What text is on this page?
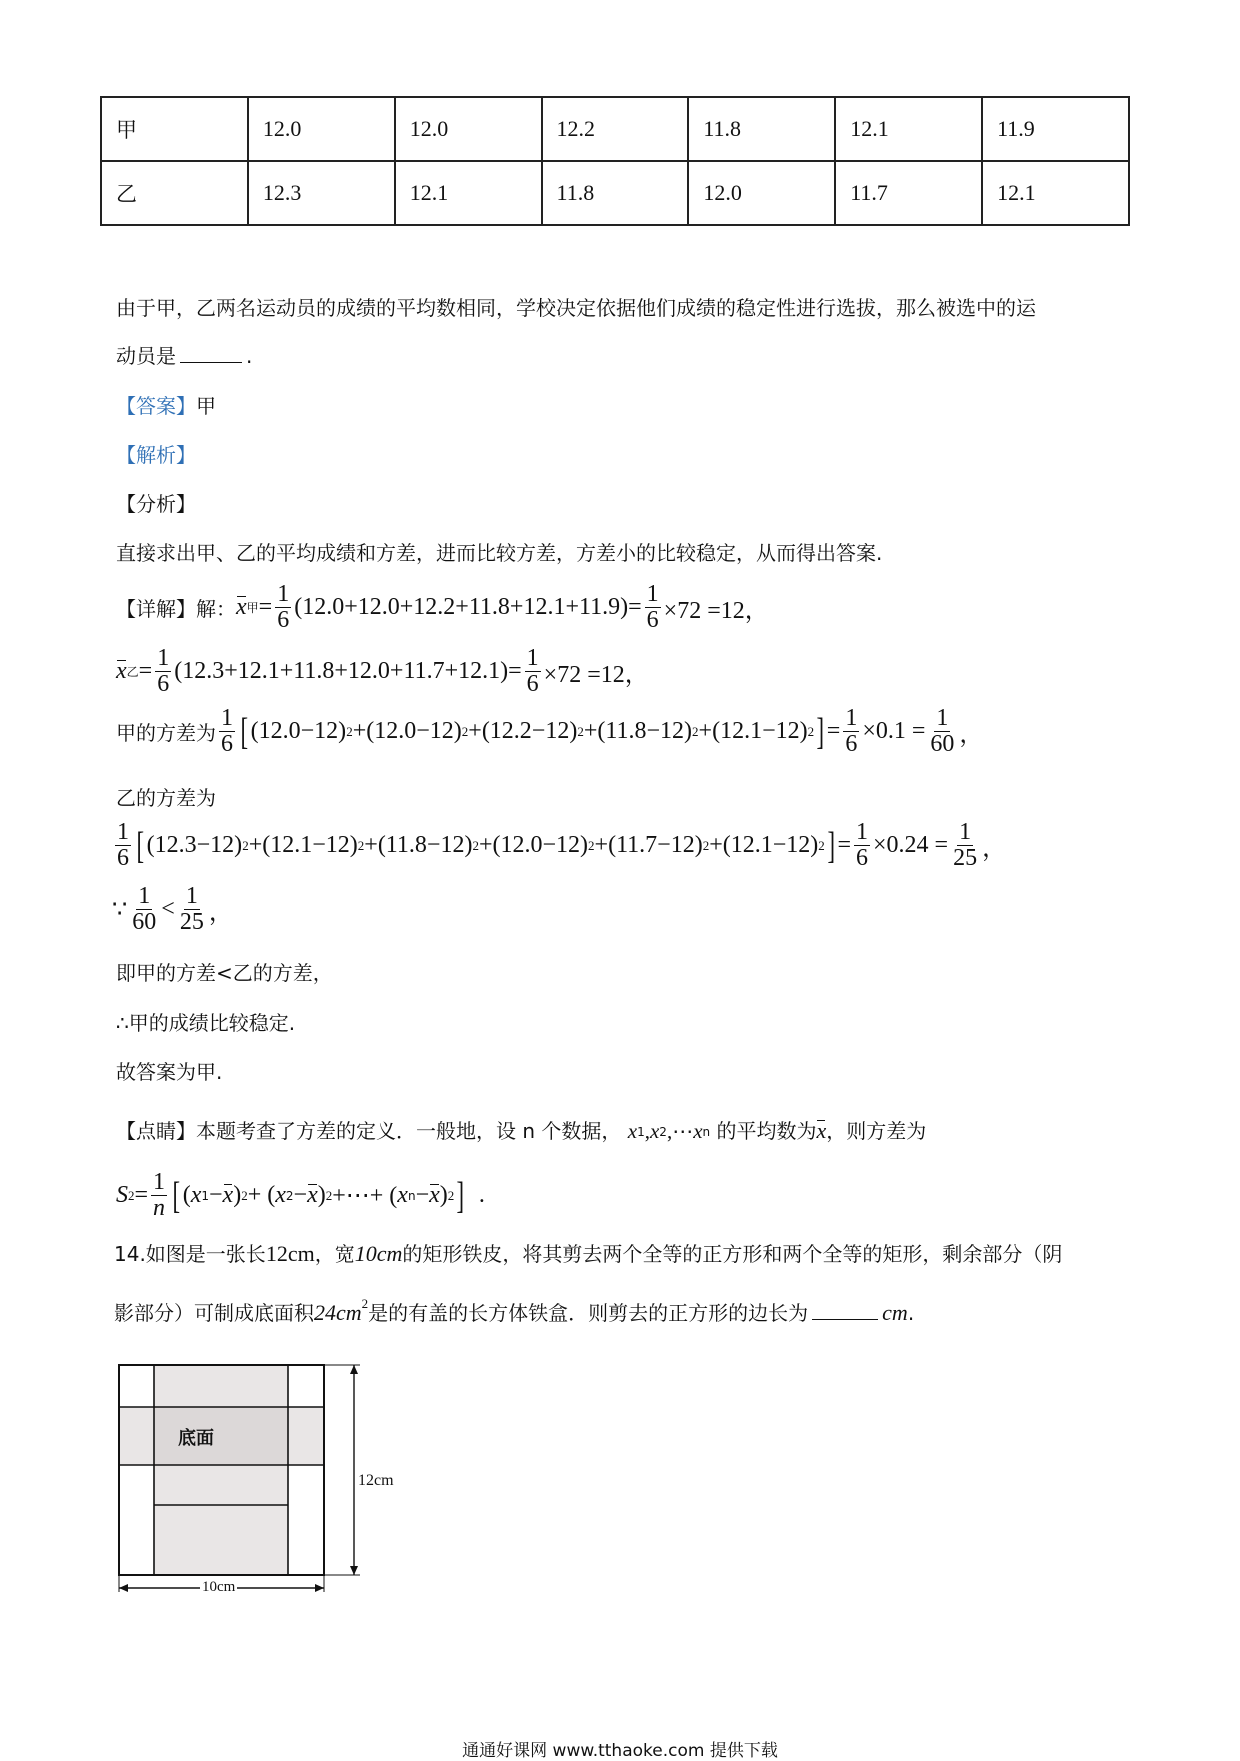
甲	12.0	12.0	12.2	11.8	12.1	11.9
乙	12.3	12.1	11.8	12.0	11.7	12.1
由于甲，乙两名运动员的成绩的平均数相同，学校决定依据他们成绩的稳定性进行选拔，那么被选中的运
动员是	.
【答案】甲
【解析】
【分析】
直接求出甲、乙的平均成绩和方差，进而比较方差，方差小的比较稳定，从而得出答案.
【详解】解： x 甲 = $\frac{1}{6} (12.0+12.0+12.2+11.8+12.1+11.9) = \frac{1}{6} \times 72 =12$，
x 乙 = $\frac{1}{6} (12.3+12.1+11.8+12.0+11.7+12.1) = \frac{1}{6} \times 72 =12$，
甲的方差为 $\frac{1}{6}$ [ (12.0−12) 2 + (12.0−12) 2 + (12.2−12) 2 + (11.8−12) 2 + (12.1−12) 2 ] = $\frac{1}{6} \times 0.1 = \frac{1}{60}$ ，
乙的方差为
$\frac{1}{6}$ [ (12.3−12) 2 + (12.1−12) 2 + (11.8−12) 2 + (12.0−12) 2 + (11.7−12) 2 + (12.1−12) 2 ] = $\frac{1}{6} \times 0.24 = \frac{1}{25}$ ，
∵ $\frac{1}{60} < \frac{1}{25}$ ，
即甲的方差<乙的方差，
∴甲的成绩比较稳定.
故答案为甲.
【点睛】本题考查了方差的定义．一般地，设 n 个数据， x 1 , x 2 ,⋯ x n 的平均数为x，则方差为
S $2 = \frac{1}{n}$ [ ( x 1 − x ) 2 + ( x 2 − x ) 2 +⋯+ ( x n − x ) 2 ] .
14.如图是一张长12cm，宽10cm的矩形铁皮，将其剪去两个全等的正方形和两个全等的矩形，剩余部分（阴
影部分）可制成底面积$24cm^2$是的有盖的长方体铁盒．则剪去的正方形的边长为	cm.
底面
12cm
10cm
通通好课网 www.tthaoke.com 提供下载
